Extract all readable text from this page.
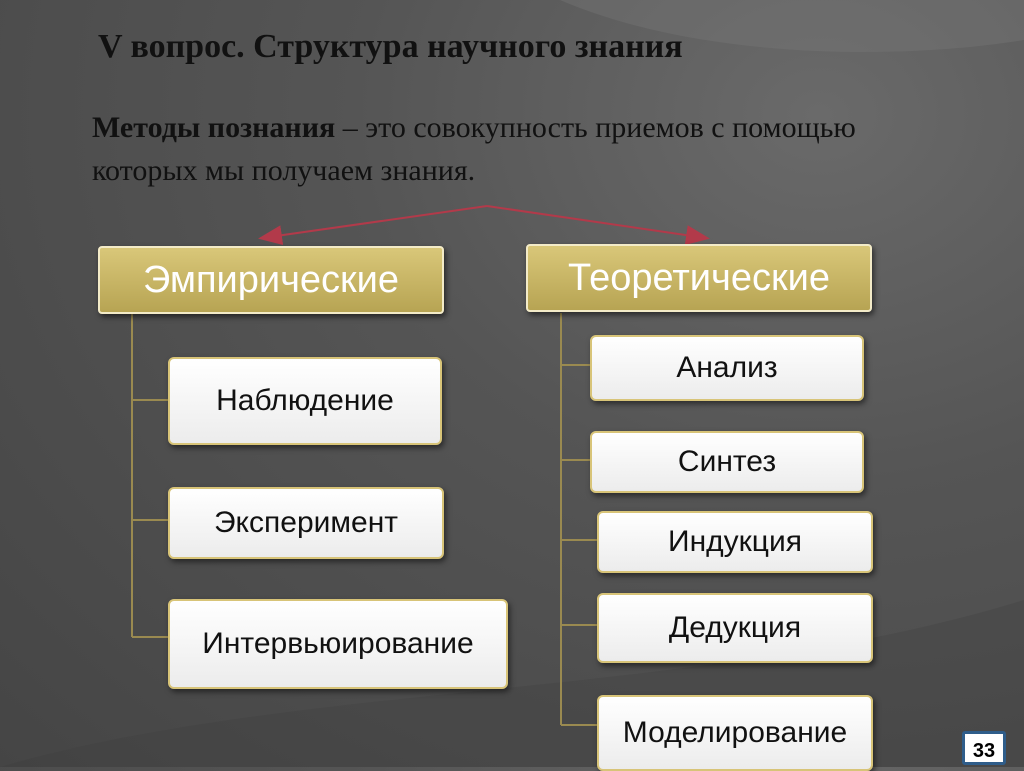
V вопрос. Структура научного знания

Методы познания – это совокупность приемов с помощью которых мы получаем знания.

Эмпирические	Теоретические
Наблюдение
Эксперимент
Интервьюирование
Анализ
Синтез
Индукция
Дедукция
Моделирование
33
